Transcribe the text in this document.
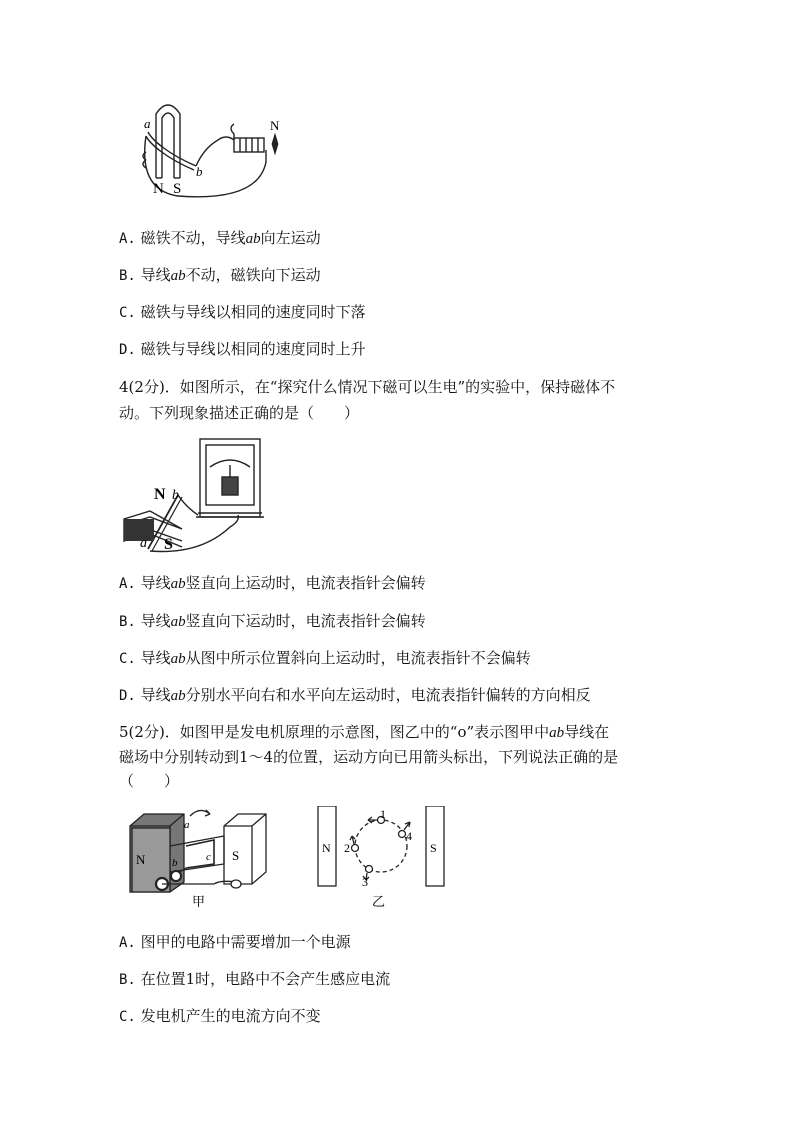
a
b
N S
N
A. 磁铁不动，导线ab向左运动
B. 导线ab不动，磁铁向下运动
C. 磁铁与导线以相同的速度同时下落
D. 磁铁与导线以相同的速度同时上升
4(2分)．如图所示，在“探究什么情况下磁可以生电”的实验中，保持磁体不
动。下列现象描述正确的是（　　）
N b
S
a
A. 导线ab竖直向上运动时，电流表指针会偏转
B. 导线ab竖直向下运动时，电流表指针会偏转
C. 导线ab从图中所示位置斜向上运动时，电流表指针不会偏转
D. 导线ab分别水平向右和水平向左运动时，电流表指针偏转的方向相反
5(2分)．如图甲是发电机原理的示意图，图乙中的“o”表示图甲中ab导线在
磁场中分别转动到1～4的位置，运动方向已用箭头标出，下列说法正确的是
（　　）
N	S
a
b	c
甲
N	S
1
2
3
4
乙
A. 图甲的电路中需要增加一个电源
B. 在位置1时，电路中不会产生感应电流
C. 发电机产生的电流方向不变
